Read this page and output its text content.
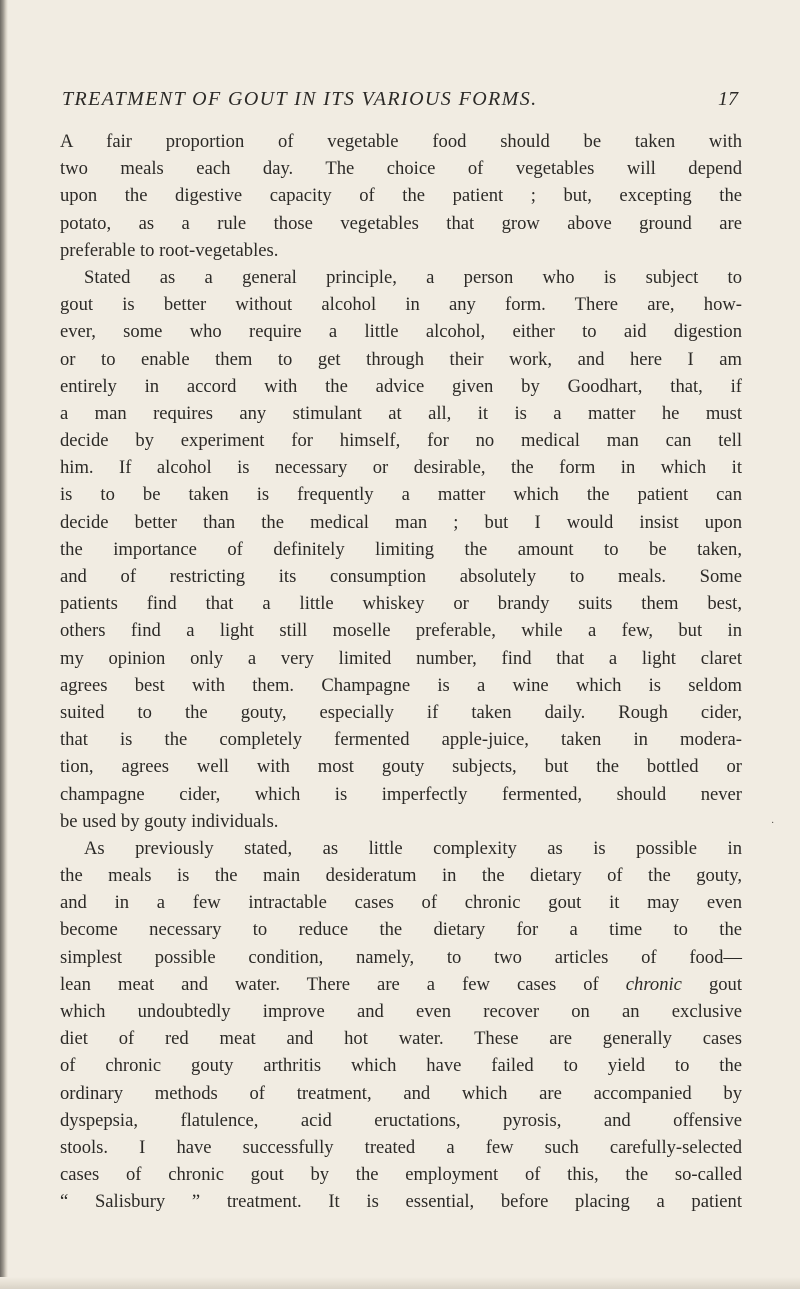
TREATMENT OF GOUT IN ITS VARIOUS FORMS.	17
A fair proportion of vegetable food should be taken with
two meals each day. The choice of vegetables will depend
upon the digestive capacity of the patient ; but, excepting the
potato, as a rule those vegetables that grow above ground are
preferable to root-vegetables.
Stated as a general principle, a person who is subject to
gout is better without alcohol in any form. There are, how-
ever, some who require a little alcohol, either to aid digestion
or to enable them to get through their work, and here I am
entirely in accord with the advice given by Goodhart, that, if
a man requires any stimulant at all, it is a matter he must
decide by experiment for himself, for no medical man can tell
him. If alcohol is necessary or desirable, the form in which it
is to be taken is frequently a matter which the patient can
decide better than the medical man ; but I would insist upon
the importance of definitely limiting the amount to be taken,
and of restricting its consumption absolutely to meals. Some
patients find that a little whiskey or brandy suits them best,
others find a light still moselle preferable, while a few, but in
my opinion only a very limited number, find that a light claret
agrees best with them. Champagne is a wine which is seldom
suited to the gouty, especially if taken daily. Rough cider,
that is the completely fermented apple-juice, taken in modera-
tion, agrees well with most gouty subjects, but the bottled or
champagne cider, which is imperfectly fermented, should never
be used by gouty individuals.
As previously stated, as little complexity as is possible in
the meals is the main desideratum in the dietary of the gouty,
and in a few intractable cases of chronic gout it may even
become necessary to reduce the dietary for a time to the
simplest possible condition, namely, to two articles of food—
lean meat and water. There are a few cases of chronic gout
which undoubtedly improve and even recover on an exclusive
diet of red meat and hot water. These are generally cases
of chronic gouty arthritis which have failed to yield to the
ordinary methods of treatment, and which are accompanied by
dyspepsia, flatulence, acid eructations, pyrosis, and offensive
stools. I have successfully treated a few such carefully-selected
cases of chronic gout by the employment of this, the so-called
“ Salisbury ” treatment. It is essential, before placing a patient
·
